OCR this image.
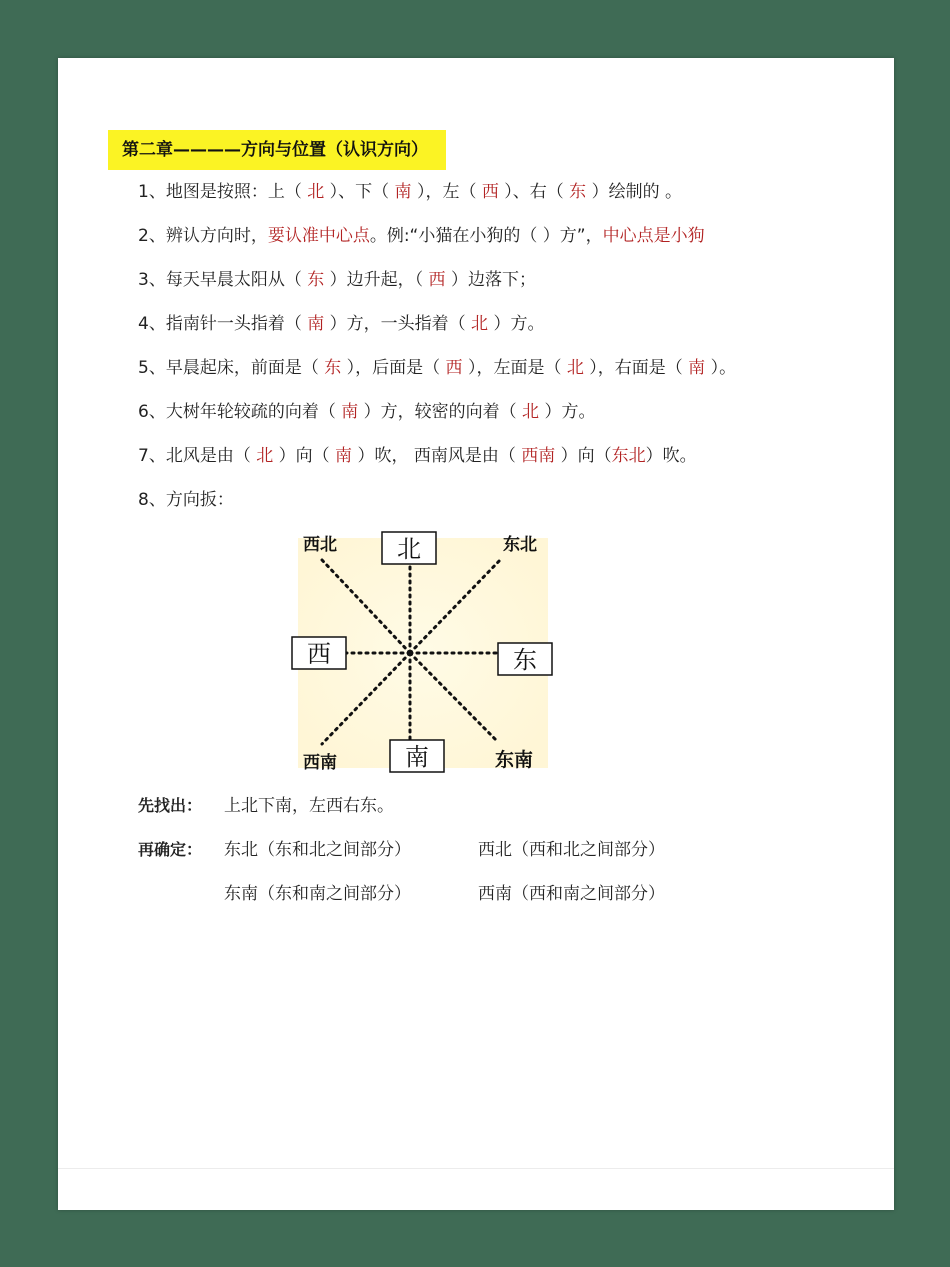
第二章————方向与位置（认识方向）
1、地图是按照：上（ 北 ）、下（ 南 ），左（ 西 ）、右（ 东 ）绘制的 。
2、辨认方向时，要认准中心点。例:“小猫在小狗的（ ）方”，中心点是小狗
3、每天早晨太阳从（ 东 ）边升起，（ 西 ）边落下；
4、指南针一头指着（ 南 ）方，一头指着（ 北 ）方。
5、早晨起床，前面是（ 东 ），后面是（ 西 ），左面是（ 北 ），右面是（ 南 ）。
6、大树年轮较疏的向着（ 南 ）方，较密的向着（ 北 ）方。
7、北风是由（ 北 ）向（ 南 ）吹， 西南风是由（ 西南 ）向（东北）吹。
8、方向扳：
北
南
西	东
西北	东北
西南	东南
先找出： 上北下南，左西右东。
再确定： 东北（东和北之间部分）	西北（西和北之间部分）
东南（东和南之间部分）	西南（西和南之间部分）
